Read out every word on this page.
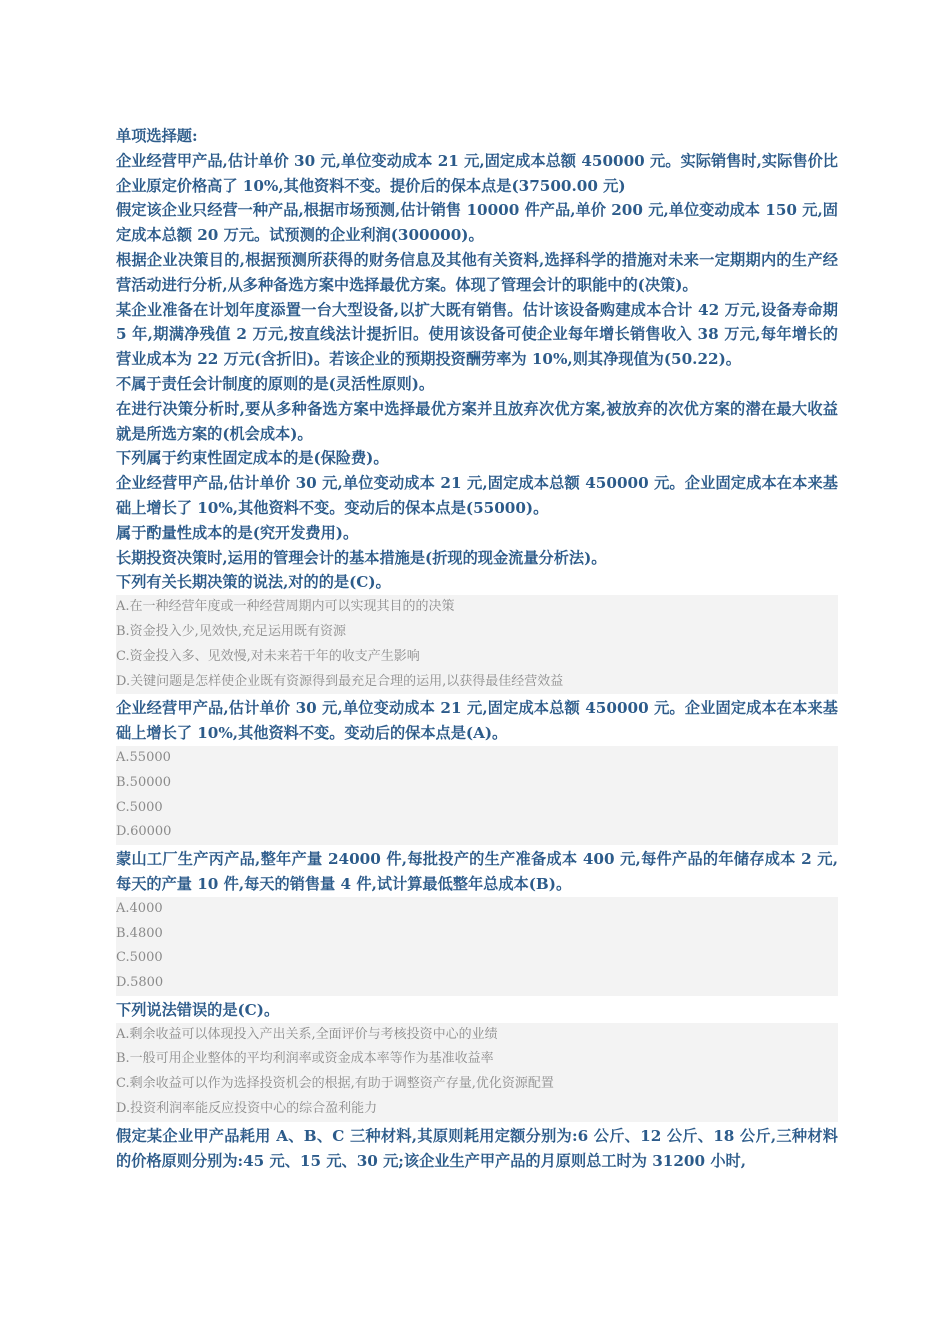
单项选择题:

企业经营甲产品,估计单价 30 元,单位变动成本 21 元,固定成本总额 450000 元。实际销售时,实际售价比企业原定价格高了 10%,其他资料不变。提价后的保本点是(37500.00 元)

假定该企业只经营一种产品,根据市场预测,估计销售 10000 件产品,单价 200 元,单位变动成本 150 元,固定成本总额 20 万元。试预测的企业利润(300000)。

根据企业决策目的,根据预测所获得的财务信息及其他有关资料,选择科学的措施对未来一定期期内的生产经营活动进行分析,从多种备选方案中选择最优方案。体现了管理会计的职能中的(决策)。

某企业准备在计划年度添置一台大型设备,以扩大既有销售。估计该设备购建成本合计 42 万元,设备寿命期 5 年,期满净残值 2 万元,按直线法计提折旧。使用该设备可使企业每年增长销售收入 38 万元,每年增长的营业成本为 22 万元(含折旧)。若该企业的预期投资酬劳率为 10%,则其净现值为(50.22)。

不属于责任会计制度的原则的是(灵活性原则)。

在进行决策分析时,要从多种备选方案中选择最优方案并且放弃次优方案,被放弃的次优方案的潜在最大收益就是所选方案的(机会成本)。

下列属于约束性固定成本的是(保险费)。

企业经营甲产品,估计单价 30 元,单位变动成本 21 元,固定成本总额 450000 元。企业固定成本在本来基础上增长了 10%,其他资料不变。变动后的保本点是(55000)。

属于酌量性成本的是(究开发费用)。

长期投资决策时,运用的管理会计的基本措施是(折现的现金流量分析法)。

下列有关长期决策的说法,对的的是(C)。

A.在一种经营年度或一种经营周期内可以实现其目的的决策

B.资金投入少,见效快,充足运用既有资源

C.资金投入多、见效慢,对未来若干年的收支产生影响

D.关键问题是怎样使企业既有资源得到最充足合理的运用,以获得最佳经营效益

企业经营甲产品,估计单价 30 元,单位变动成本 21 元,固定成本总额 450000 元。企业固定成本在本来基础上增长了 10%,其他资料不变。变动后的保本点是(A)。

A.55000

B.50000

C.5000

D.60000

蒙山工厂生产丙产品,整年产量 24000 件,每批投产的生产准备成本 400 元,每件产品的年储存成本 2 元,每天的产量 10 件,每天的销售量 4 件,试计算最低整年总成本(B)。

A.4000

B.4800

C.5000

D.5800

下列说法错误的是(C)。

A.剩余收益可以体现投入产出关系,全面评价与考核投资中心的业绩

B.一般可用企业整体的平均利润率或资金成本率等作为基准收益率

C.剩余收益可以作为选择投资机会的根据,有助于调整资产存量,优化资源配置

D.投资利润率能反应投资中心的综合盈利能力

假定某企业甲产品耗用 A、B、C 三种材料,其原则耗用定额分别为:6 公斤、12 公斤、18 公斤,三种材料的价格原则分别为:45 元、15 元、30 元;该企业生产甲产品的月原则总工时为 31200 小时,
